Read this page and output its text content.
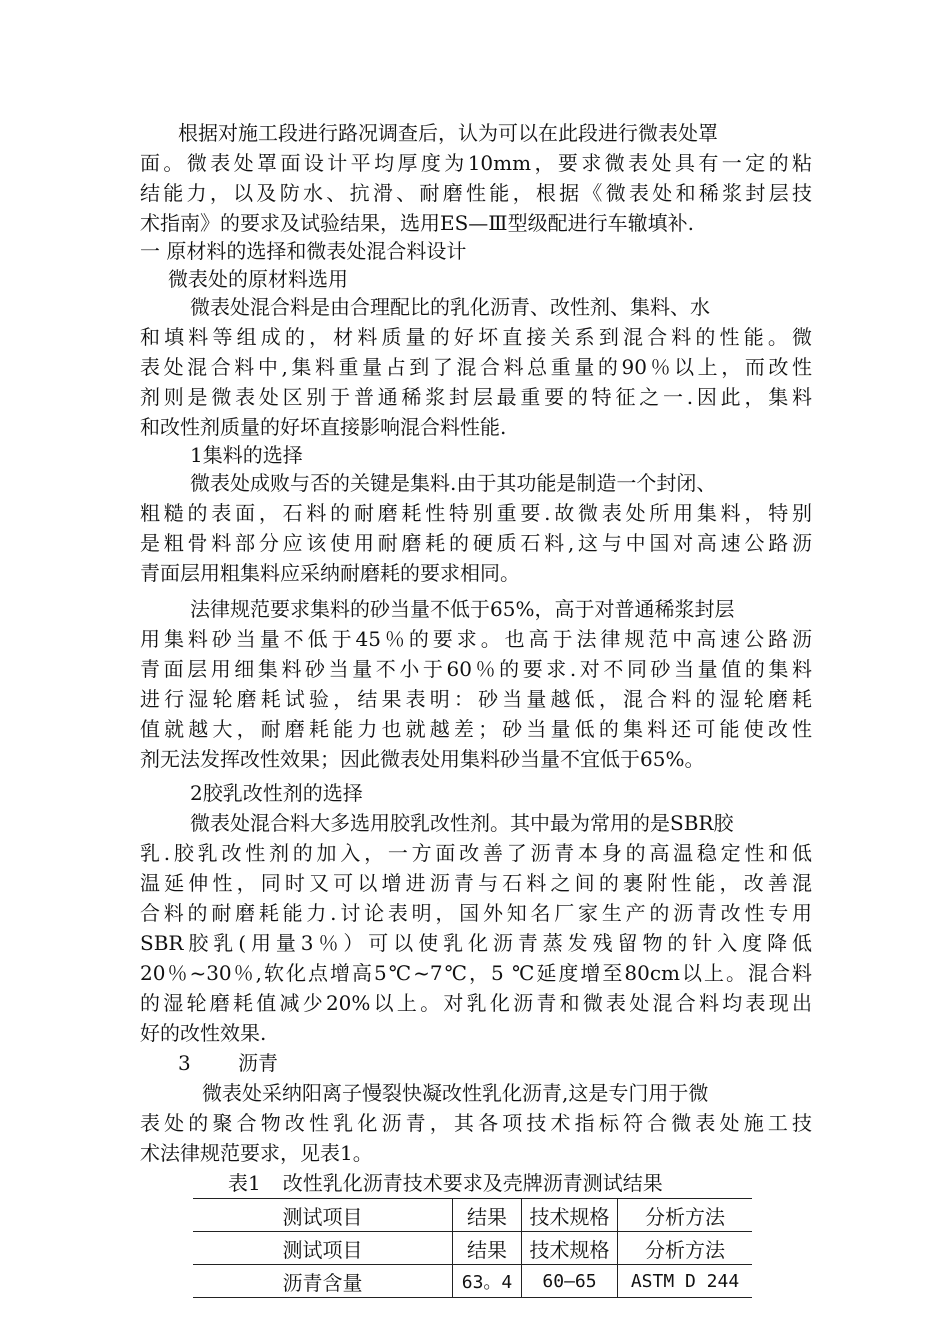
根据对施工段进行路况调查后，认为可以在此段进行微表处罩
面。微表处罩面设计平均厚度为10mm，要求微表处具有一定的粘
结能力，以及防水、抗滑、耐磨性能，根据《微表处和稀浆封层技
术指南》的要求及试验结果，选用ES—Ⅲ型级配进行车辙填补.
一 原材料的选择和微表处混合料设计
微表处的原材料选用
微表处混合料是由合理配比的乳化沥青、改性剂、集料、水
和填料等组成的，材料质量的好坏直接关系到混合料的性能。微
表处混合料中,集料重量占到了混合料总重量的90％以上，而改性
剂则是微表处区别于普通稀浆封层最重要的特征之一.因此，集料
和改性剂质量的好坏直接影响混合料性能.
1集料的选择
微表处成败与否的关键是集料.由于其功能是制造一个封闭、
粗糙的表面，石料的耐磨耗性特别重要.故微表处所用集料，特别
是粗骨料部分应该使用耐磨耗的硬质石料,这与中国对高速公路沥
青面层用粗集料应采纳耐磨耗的要求相同。
法律规范要求集料的砂当量不低于65%，高于对普通稀浆封层
用集料砂当量不低于45％的要求。也高于法律规范中高速公路沥
青面层用细集料砂当量不小于60％的要求.对不同砂当量值的集料
进行湿轮磨耗试验，结果表明：砂当量越低，混合料的湿轮磨耗
值就越大，耐磨耗能力也就越差；砂当量低的集料还可能使改性
剂无法发挥改性效果；因此微表处用集料砂当量不宜低于65%。
2胶乳改性剂的选择
微表处混合料大多选用胶乳改性剂。其中最为常用的是SBR胶
乳.胶乳改性剂的加入，一方面改善了沥青本身的高温稳定性和低
温延伸性，同时又可以增进沥青与石料之间的裹附性能，改善混
合料的耐磨耗能力.讨论表明，国外知名厂家生产的沥青改性专用
SBR胶乳(用量3％）可以使乳化沥青蒸发残留物的针入度降低
20％~30％,软化点增高5℃~7℃，5 ℃延度增至80cm以上。混合料
的湿轮磨耗值减少20%以上。对乳化沥青和微表处混合料均表现出
好的改性效果.
3 沥青
微表处采纳阳离子慢裂快凝改性乳化沥青,这是专门用于微
表处的聚合物改性乳化沥青，其各项技术指标符合微表处施工技
术法律规范要求，见表1。
表1 改性乳化沥青技术要求及壳牌沥青测试结果
测试项目	结果	技术规格	分析方法
测试项目	结果	技术规格	分析方法
沥青含量	63。4	60—65	ASTM D 244
